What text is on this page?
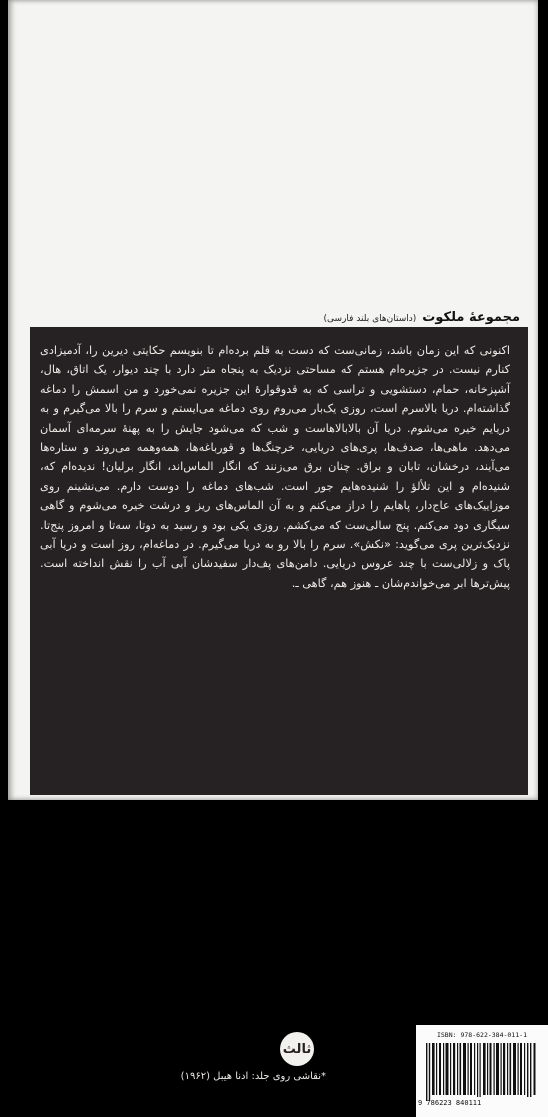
مجموعۀ ملکوت
(داستان‌های بلند فارسی)
اکنونی که این زمان باشد، زمانی‌ست که دست به قلم برده‌ام تا بنویسم حکایتی دیرین را، آدمیزادی کنارم نیست. در جزیره‌ام هستم که مساحتی نزدیک به پنجاه متر دارد با چند دیوار، یک اتاق، هال، آشپزخانه، حمام، دستشویی و تراسی که به قدوقوارۀ این جزیره نمی‌خورد و من اسمش را دماغه گذاشته‌ام. دریا بالاسرم است، روزی یک‌بار می‌روم روی دماغه می‌ایستم و سرم را بالا می‌گیرم و به دریایم خیره می‌شوم. دریا آن بالابالاهاست و شب که می‌شود جایش را به پهنۀ سرمه‌ای آسمان می‌دهد. ماهی‌ها، صدف‌ها، پری‌های دریایی، خرچنگ‌ها و قورباغه‌ها، همه‌وهمه می‌روند و ستاره‌ها می‌آیند، درخشان، تابان و براق. چنان برق می‌زنند که انگار الماس‌اند، انگار برلیان! ندیده‌ام که، شنیده‌ام و این تلألؤ را شنیده‌هایم جور است. شب‌های دماغه را دوست دارم. می‌نشینم روی موزاییک‌های عاج‌دار، پاهایم را دراز می‌کنم و به آن الماس‌های ریز و درشت خیره می‌شوم و گاهی سیگاری دود می‌کنم. پنج سالی‌ست که می‌کشم. روزی یکی بود و رسید به دوتا، سه‌تا و امروز پنج‌تا. نزدیک‌ترین پری می‌گوید: «نکش». سرم را بالا رو به دریا می‌گیرم. در دماغه‌ام، روز است و دریا آبی پاک و زلالی‌ست با چند عروس دریایی. دامن‌های پف‌دار سفیدشان آبی آب را نقش انداخته است. پیش‌ترها ابر می‌خواندم‌شان ـ هنوز هم، گاهی ـ.
ثالث
ISBN: 978-622-384-011-1
9 786223 840111
*نقاشی روی جلد: ادنا هیبل (۱۹۶۲)
